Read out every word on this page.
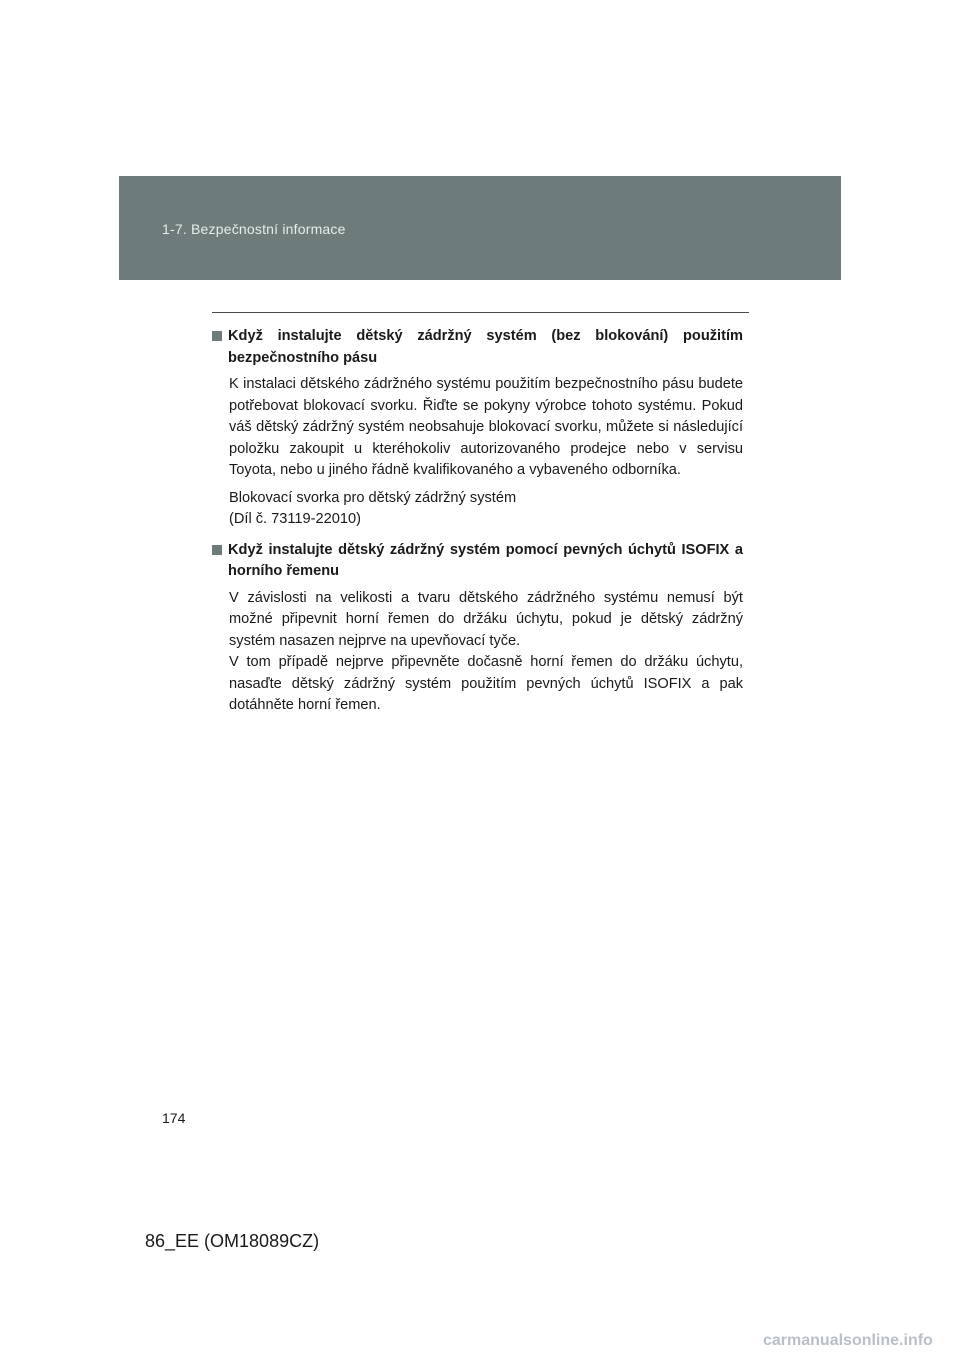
1-7. Bezpečnostní informace
Když instalujte dětský zádržný systém (bez blokování) použitím bezpečnostního pásu

K instalaci dětského zádržného systému použitím bezpečnostního pásu budete potřebovat blokovací svorku. Řiďte se pokyny výrobce tohoto systému. Pokud váš dětský zádržný systém neobsahuje blokovací svorku, můžete si následující položku zakoupit u kteréhokoliv autorizovaného prodejce nebo v servisu Toyota, nebo u jiného řádně kvalifikovaného a vybaveného odborníka.

Blokovací svorka pro dětský zádržný systém

(Díl č. 73119-22010)

Když instalujte dětský zádržný systém pomocí pevných úchytů ISOFIX a horního řemenu

V závislosti na velikosti a tvaru dětského zádržného systému nemusí být možné připevnit horní řemen do držáku úchytu, pokud je dětský zádržný systém nasazen nejprve na upevňovací tyče.

V tom případě nejprve připevněte dočasně horní řemen do držáku úchytu, nasaďte dětský zádržný systém použitím pevných úchytů ISOFIX a pak dotáhněte horní řemen.

174
86_EE (OM18089CZ)
carmanualsonline.info
